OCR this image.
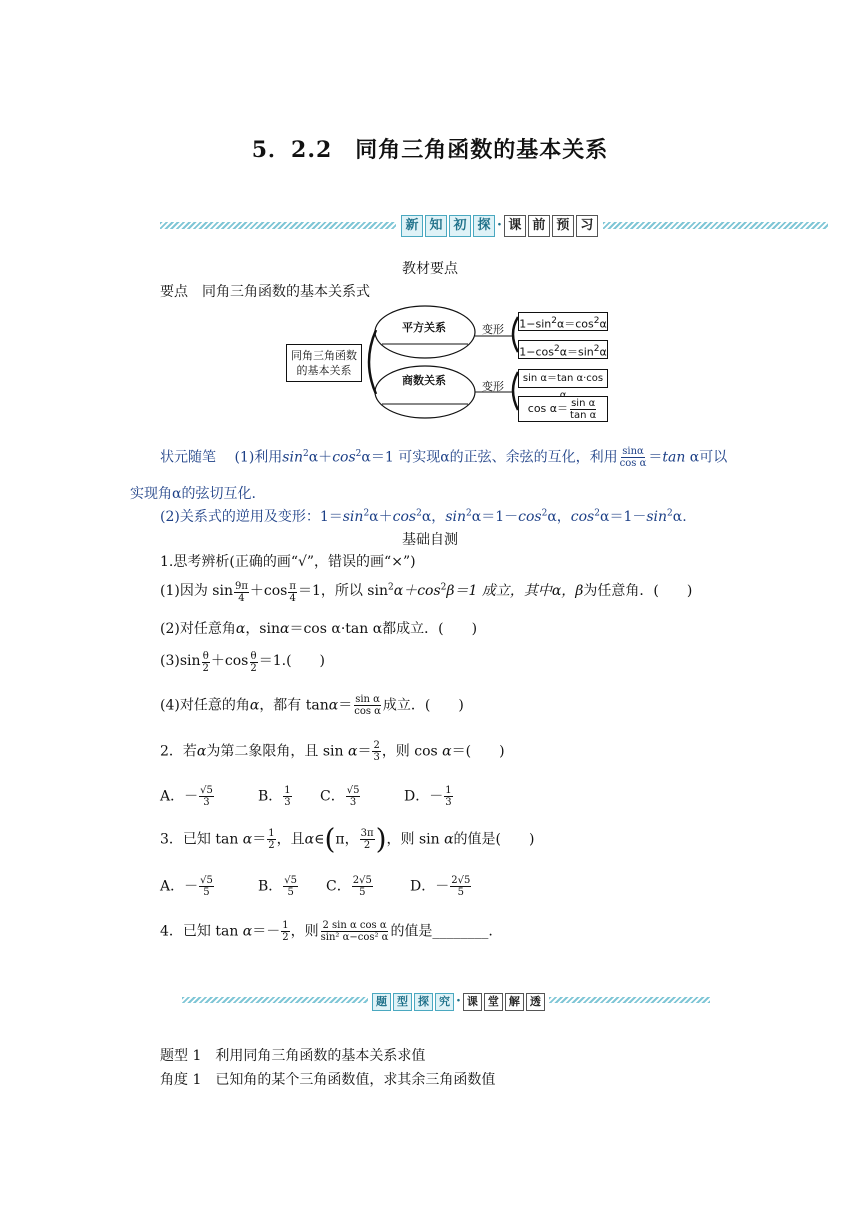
5．2.2　同角三角函数的基本关系
新 知 初 探 · 课 前 预 习
教材要点
要点　同角三角函数的基本关系式
同角三角函数
的基本关系
平方关系
商数关系
变形
变形
$1-\sin^2\alpha=\cos^2\alpha$
$1-\cos^2\alpha=\sin^2\alpha$
sin α＝tan α·cos
$\cos \alpha= \frac{\text{sin α}}{\text{tan α}}$
状元随笔　 (1)利用$\sin^2\alpha+\cos^2\alpha=1$ 可实现α的正弦、余弦的互化，利用 $\frac{\sin\alpha}{\text{cos α}} =\tan$ α可以
实现角α的弦切互化.
(2)关系式的逆用及变形：$1=\sin^2\alpha+\cos^2\alpha$，$\sin^2\alpha=1-\cos^2\alpha$，$\cos^2\alpha=1-\sin^2\alpha$.
基础自测
1.思考辨析(正确的画“√”，错误的画“×”)
(1)因为 $\sin \frac{9\pi}{4} +\cos \frac{\pi}{4} =1$，所以 $\sin^2\alpha+\cos^2\beta=1$ 成立，其中α，β为任意角．(　　)
(2)对任意角α，sinα＝cos α·tan α都成立．(　　)
$(3)\sin \frac{\theta}{2} +\cos \frac{\theta}{2} =1$.(　　)
(4)对任意的角α，都有 $\tan\alpha= \frac{\text{sin α}}{\text{cos α}}$ 成立．(　　)
2．若α为第二象限角，且 $\sin \alpha= \frac{2}{3}$ ，则 cos α＝(　　)
A．－ $\frac{√5}{3}$	B． $\frac{1}{3}$ C． $\frac{√5}{3}$	D．－ $\frac{1}{3}$
3．已知 $\tan \alpha= \frac{1}{2}$ ，且α∈(π， $\frac{3\pi}{2}$ )，则 sin α的值是(　　)
A．－ $\frac{√5}{5}$	B． $\frac{√5}{5}$ C． $\frac{2√5}{5}$	D．－ $\frac{2√5}{5}$
4．已知 $\tan \alpha=- \frac{1}{2}$ ，则 $\frac{\text{2 sin α cos α}}{\text{sin² α−cos² α}}$ 的值是________.
题 型 探 究 · 课 堂 解 透
题型 1　利用同角三角函数的基本关系求值
角度 1　已知角的某个三角函数值，求其余三角函数值
